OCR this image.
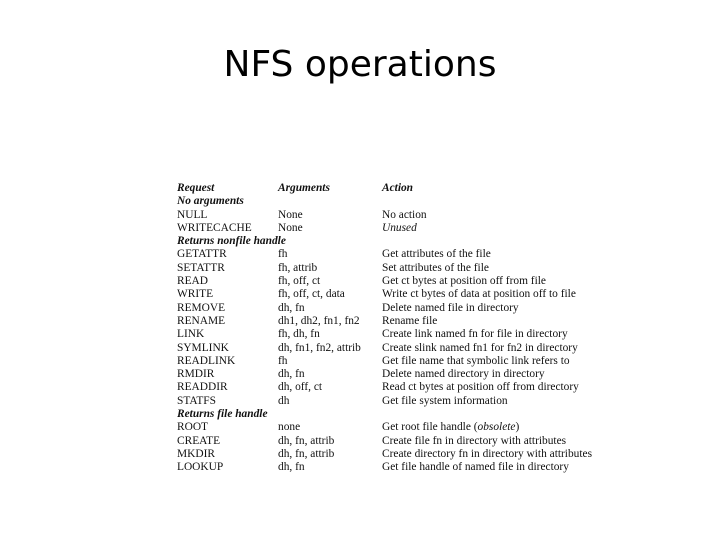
NFS operations
Request	Arguments	Action
No arguments
NULL	None	No action
WRITECACHE	None	Unused
Returns nonfile handle
GETATTR	fh	Get attributes of the file
SETATTR	fh, attrib	Set attributes of the file
READ	fh, off, ct	Get ct bytes at position off from file
WRITE	fh, off, ct, data	Write ct bytes of data at position off to file
REMOVE	dh, fn	Delete named file in directory
RENAME	dh1, dh2, fn1, fn2	Rename file
LINK	fh, dh, fn	Create link named fn for file in directory
SYMLINK	dh, fn1, fn2, attrib	Create slink named fn1 for fn2 in directory
READLINK	fh	Get file name that symbolic link refers to
RMDIR	dh, fn	Delete named directory in directory
READDIR	dh, off, ct	Read ct bytes at position off from directory
STATFS	dh	Get file system information
Returns file handle
ROOT	none	Get root file handle (obsolete)
CREATE	dh, fn, attrib	Create file fn in directory with attributes
MKDIR	dh, fn, attrib	Create directory fn in directory with attributes
LOOKUP	dh, fn	Get file handle of named file in directory
